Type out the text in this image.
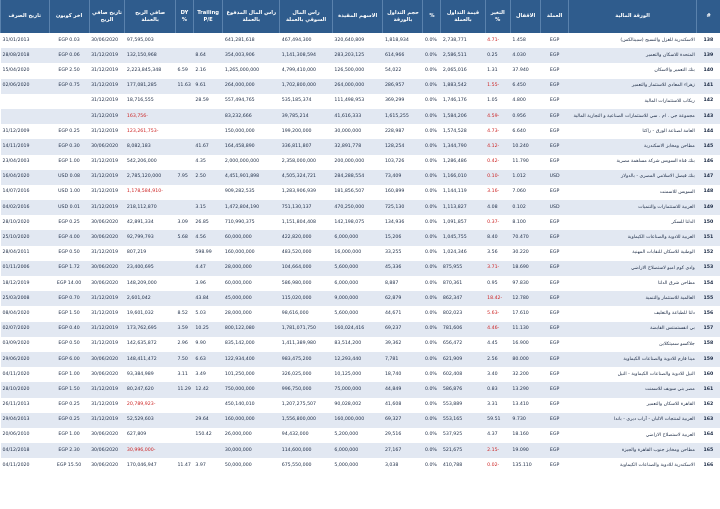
#	الورقة المالية	العملة	الاقفال	التغير %	قيمة التداول بالعملة	%	حجم التداول بالورقة	الاسهم المقيدة	راس المال السوقي بالعملة	راس المال المدفوع بالعملة	Trailing P/E	DY %	صافي الربح بالعملة	تاريخ صافي الربح	اخر كوبون	تاريخ الصرف
138	الاسكندرية للغزل والنسيج (سبينالكس)	EGP	1.458	-4.71	2,738,771	0.0%	1,818,934	320,640,809	467,494,300	641,281,618			97,595,003	30/06/2020	EGP 0.03	31/01/2013
139	المتحدة للاسكان والتعمير	EGP	4.030	0.25	2,586,511	0.0%	614,966	283,203,125	1,141,308,594	354,003,906	8.64		132,150,968	31/12/2019	EGP 0.06	28/08/2018
140	بنك التعمير والاسكان	EGP	37.940	1.31	2,065,016	0.0%	54,022	126,500,000	4,799,410,000	1,265,000,000	2.16	6.59	2,223,845,348	31/12/2019	EGP 2.50	15/04/2020
141	زهراء المعادي للاستثمار والتعمير	EGP	6.450	-1.55	1,883,542	0.0%	286,957	264,000,000	1,702,800,000	264,000,000	9.61	11.63	177,081,285	31/12/2019	EGP 0.75	02/06/2020
142	ريكاب للاستثمارات المالية	EGP	4.800	1.05	1,746,176	0.0%	369,299	111,498,953	535,185,374	557,494,765	28.59		18,716,555	31/12/2019		
143	مجموعة جي . ام . سي للاستثمارات الصناعية و التجارية المالية	EGP	0.956	-4.59	1,584,206	0.0%	1,615,255	41,616,333	39,785,214	83,232,666			-163,756	31/12/2019		
144	العامة لصناعة الورق - راكتا	EGP	6.640	-4.73	1,574,528	0.0%	228,987	30,000,000	199,200,000	150,000,000			-123,261,753	31/12/2019	EGP 0.25	31/12/2009
145	مطاحن ومخابز الاسكندرية	EGP	10.240	-4.12	1,344,790	0.0%	128,254	32,891,778	336,811,807	164,458,890	41.67		8,082,183	30/06/2020	EGP 0.30	14/11/2019
146	بنك قناة السويس شركة مساهمة مصرية	EGP	11.790	-0.42	1,286,486	0.0%	103,726	200,000,000	2,358,000,000	2,000,000,000	4.35		542,206,000	31/12/2019	EGP 1.00	23/04/2003
147	بنك فيصل الاسلامي المصري - بالدولار	USD	1.012	-0.10	1,166,010	0.0%	73,409	284,288,554	4,505,324,721	4,451,901,898	2.50	7.95	2,785,120,000	31/12/2019	USD 0.08	16/04/2020
148	السويس للاسمنت	EGP	7.060	-3.16	1,144,119	0.0%	160,899	181,856,507	1,283,906,939	909,282,535			-1,178,584,910	31/12/2019	USD 1.00	14/07/2016
149	العربية للاستثمارات والتنميات	USD	0.102	4.08	1,113,827	0.0%	725,130	470,250,000	751,130,137	1,472,804,190	3.15		218,112,870	31/12/2019	USD 0.01	04/02/2016
150	الدلتا للسكر	EGP	8.100	-0.37	1,091,857	0.0%	134,936	142,198,075	1,151,804,408	710,990,375	26.85	3.09	42,891,334	30/06/2020	EGP 0.25	28/10/2020
151	العربية للادوية والصناعات الكيماوية	EGP	70.470	8.40	1,045,755	0.0%	15,206	6,000,000	422,820,000	60,000,000	4.56	5.68	92,799,793	30/06/2020	EGP 4.00	25/10/2020
152	الوطنية للاسكان للنقابات المهنية	EGP	30.220	3.56	1,024,346	0.0%	33,255	16,000,000	483,520,000	160,000,000	598.99		807,219	31/12/2019	EGP 0.50	28/04/2011
153	وادي كوم امبو لاستصلاح الاراضي	EGP	18.690	-3.71	875,955	0.0%	45,336	5,600,000	104,664,000	28,000,000	4.47		23,400,695	30/06/2020	EGP 1.72	01/11/2006
154	مطاحن شرق الدلتا	EGP	97.830	0.95	870,361	0.0%	8,887	6,000,000	586,980,000	60,000,000	3.96		148,209,000	30/06/2020	EGP 14.00	18/12/2019
155	العالمية للاستثمار والتنمية	EGP	12.780	-18.42	862,347	0.0%	62,879	9,000,000	115,020,000	45,000,000	43.84		2,601,042	31/12/2019	EGP 0.70	25/03/2008
156	دلتا للطباعة والتغليف	EGP	17.610	-5.63	802,023	0.0%	44,671	5,600,000	98,616,000	28,000,000	5.03	8.52	19,601,032	31/12/2019	EGP 1.50	08/04/2020
157	بي انفستمنتس القابضة	EGP	11.130	-4.46	781,606	0.0%	69,237	160,024,416	1,781,071,750	800,122,080	10.25	3.59	173,762,695	31/12/2019	EGP 0.40	02/07/2020
158	جلاكسو سميثكلاين	EGP	16.900	4.45	656,472	0.0%	39,362	83,514,200	1,411,389,980	835,142,000	9.90	2.96	142,635,872	31/12/2019	EGP 0.50	03/09/2020
159	مينا فارم للادوية والصناعات الكيماوية	EGP	80.000	2.56	621,909	0.0%	7,781	12,293,440	983,475,200	122,934,400	6.63	7.50	148,411,472	30/06/2020	EGP 6.00	29/06/2020
160	النيل للادوية والصناعات الكيماوية - النيل	EGP	32.200	3.40	602,408	0.0%	18,740	10,125,000	326,025,000	101,250,000	3.49	3.11	93,384,989	30/06/2020	EGP 1.00	04/11/2020
161	مصر بني سويف للاسمنت	EGP	13.290	0.83	586,876	0.0%	44,849	75,000,000	996,750,000	750,000,000	12.42	11.29	80,247,620	31/12/2019	EGP 1.50	28/10/2020
162	القاهرة للاسكان والتعمير	EGP	13.410	3.31	553,889	0.0%	41,608	90,028,002	1,207,275,507	450,140,010			-20,789,923	31/12/2019	EGP 0.25	26/11/2013
163	العربية لمنتجات الالبان - آراب ديري - باندا	EGP	9.730	59.51	553,165	0.0%	69,327	160,000,000	1,556,800,000	160,000,000	29.64		52,529,603	31/12/2019	EGP 0.25	29/04/2013
164	العربية لاستصلاح الاراضي	EGP	18.160	4.37	537,925	0.0%	29,516	5,200,000	94,432,000	26,000,000	150.42		627,809	30/06/2020	EGP 1.00	20/06/2010
165	مطاحن ومخابز جنوب القاهرة والجيزة	EGP	19.090	-2.15	521,675	0.0%	27,167	6,000,000	114,600,000	30,000,000			-30,996,000	30/06/2020	EGP 2.30	04/12/2018
166	الاسكندرية للادوية والصناعات الكيماوية	EGP	135.110	-0.02	410,788	0.0%	3,038	5,000,000	675,550,000	50,000,000	3.97	11.47	170,046,947	30/06/2020	EGP 15.50	04/11/2020
